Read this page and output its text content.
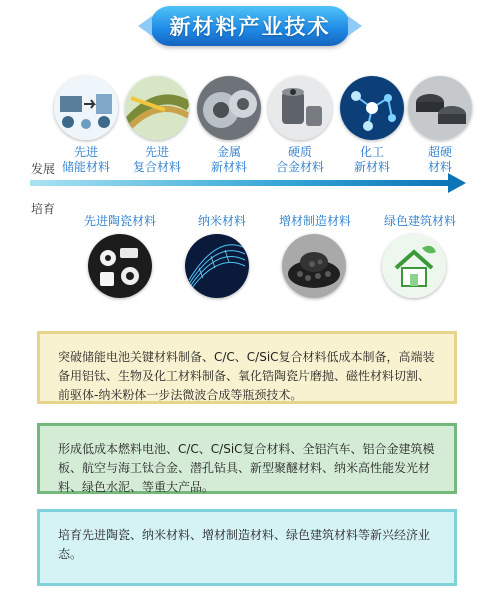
新材料产业技术
先进
储能材料
先进
复合材料
金属
新材料
硬质
合金材料
化工
新材料
超硬
材料
发展
培育
先进陶瓷材料	纳米材料	增材制造材料	绿色建筑材料
突破储能电池关键材料制备、C/C、C/SiC复合材料低成本制备，高端装备用铝钛、生物及化工材料制备、氧化锆陶瓷片磨抛、磁性材料切割、前驱体-纳米粉体一步法微波合成等瓶颈技术。
形成低成本燃料电池、C/C、C/SiC复合材料、全铝汽车、铝合金建筑模板、航空与海工钛合金、潜孔钻具、新型聚醚材料、纳米高性能发光材料、绿色水泥、等重大产品。
培育先进陶瓷、纳米材料、增材制造材料、绿色建筑材料等新兴经济业态。
